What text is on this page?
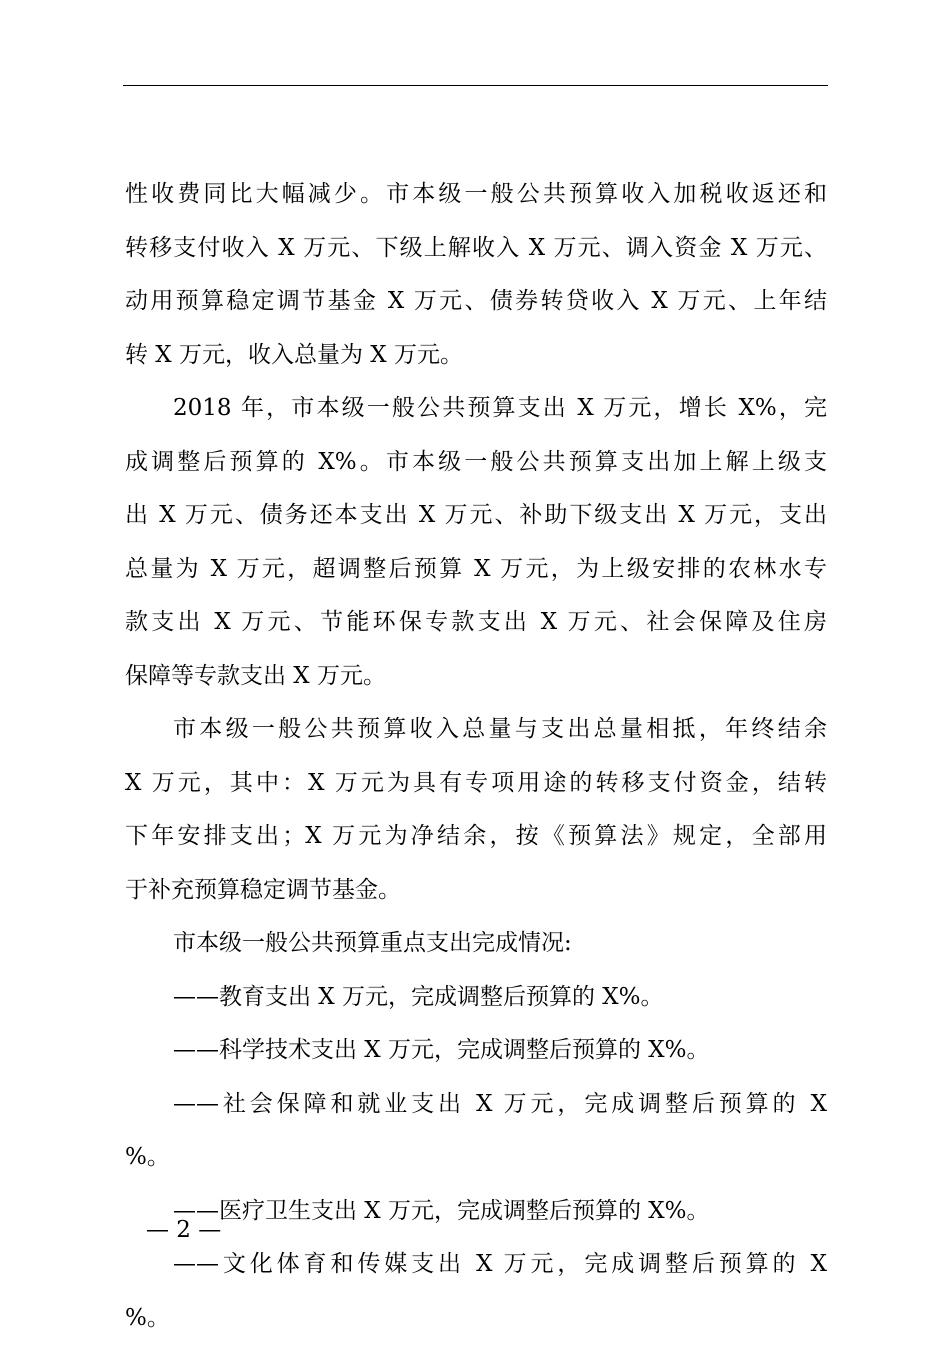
性收费同比大幅减少。市本级一般公共预算收入加税收返还和
转移支付收入 X 万元、下级上解收入 X 万元、调入资金 X 万元、
动用预算稳定调节基金 X 万元、债券转贷收入 X 万元、上年结
转 X 万元，收入总量为 X 万元。
2018 年，市本级一般公共预算支出 X 万元，增长 X%，完
成调整后预算的 X%。市本级一般公共预算支出加上解上级支
出 X 万元、债务还本支出 X 万元、补助下级支出 X 万元，支出
总量为 X 万元，超调整后预算 X 万元，为上级安排的农林水专
款支出 X 万元、节能环保专款支出 X 万元、社会保障及住房
保障等专款支出 X 万元。
市本级一般公共预算收入总量与支出总量相抵，年终结余
X 万元，其中：X 万元为具有专项用途的转移支付资金，结转
下年安排支出；X 万元为净结余，按《预算法》规定，全部用
于补充预算稳定调节基金。
市本级一般公共预算重点支出完成情况:
——教育支出 X 万元，完成调整后预算的 X%。
——科学技术支出 X 万元，完成调整后预算的 X%。
——社会保障和就业支出 X 万元，完成调整后预算的 X
%。
——医疗卫生支出 X 万元，完成调整后预算的 X%。
——文化体育和传媒支出 X 万元，完成调整后预算的 X
%。
— 2 —
